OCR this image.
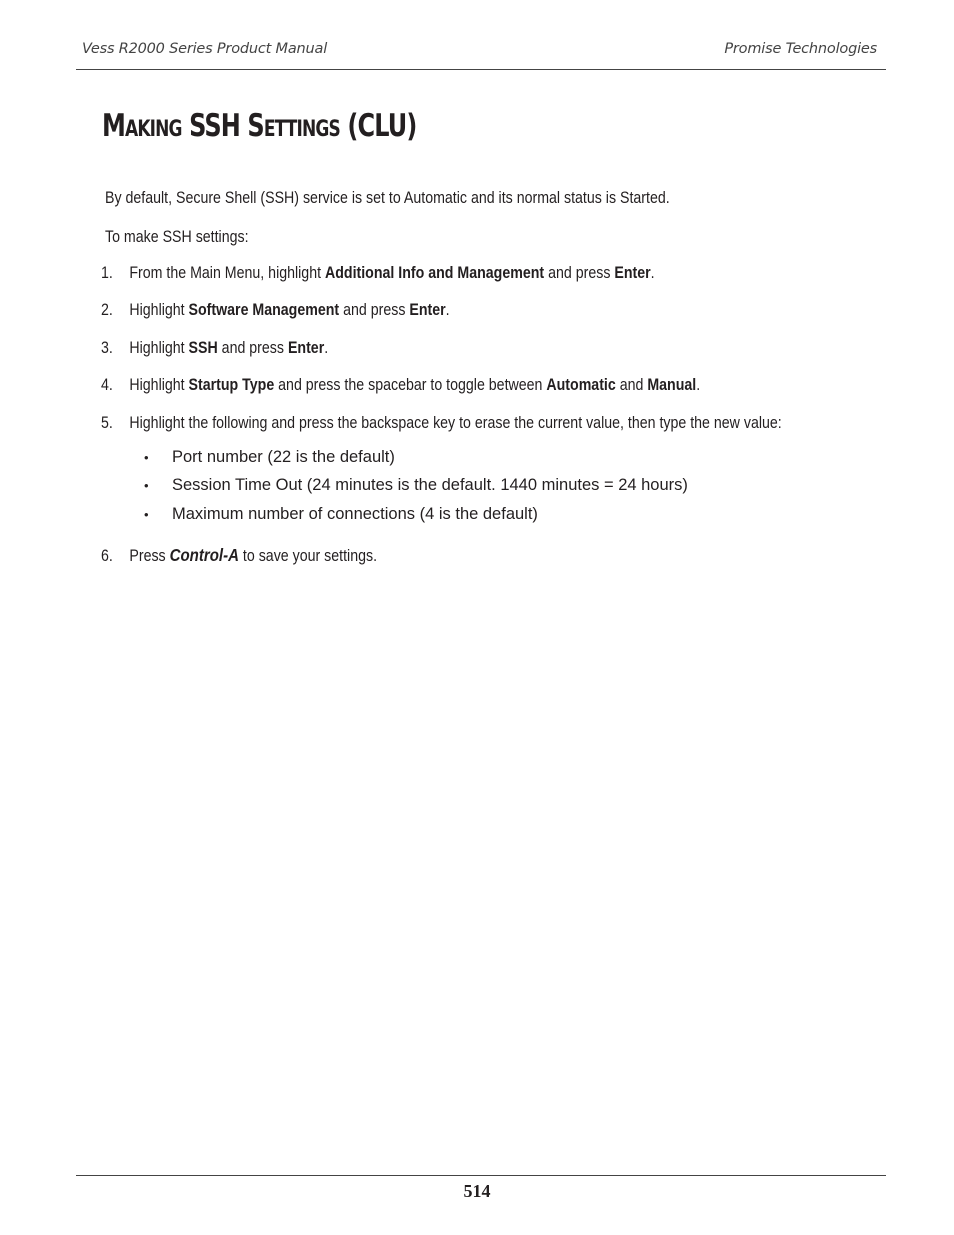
Vess R2000 Series Product Manual	Promise Technologies
Making SSH Settings (CLU)
By default, Secure Shell (SSH) service is set to Automatic and its normal status is Started.
To make SSH settings:
1. From the Main Menu, highlight Additional Info and Management and press Enter.
2. Highlight Software Management and press Enter.
3. Highlight SSH and press Enter.
4. Highlight Startup Type and press the spacebar to toggle between Automatic and Manual.
5. Highlight the following and press the backspace key to erase the current value, then type the new value:
• Port number (22 is the default)
• Session Time Out (24 minutes is the default. 1440 minutes = 24 hours)
• Maximum number of connections (4 is the default)
6. Press Control-A to save your settings.
514
